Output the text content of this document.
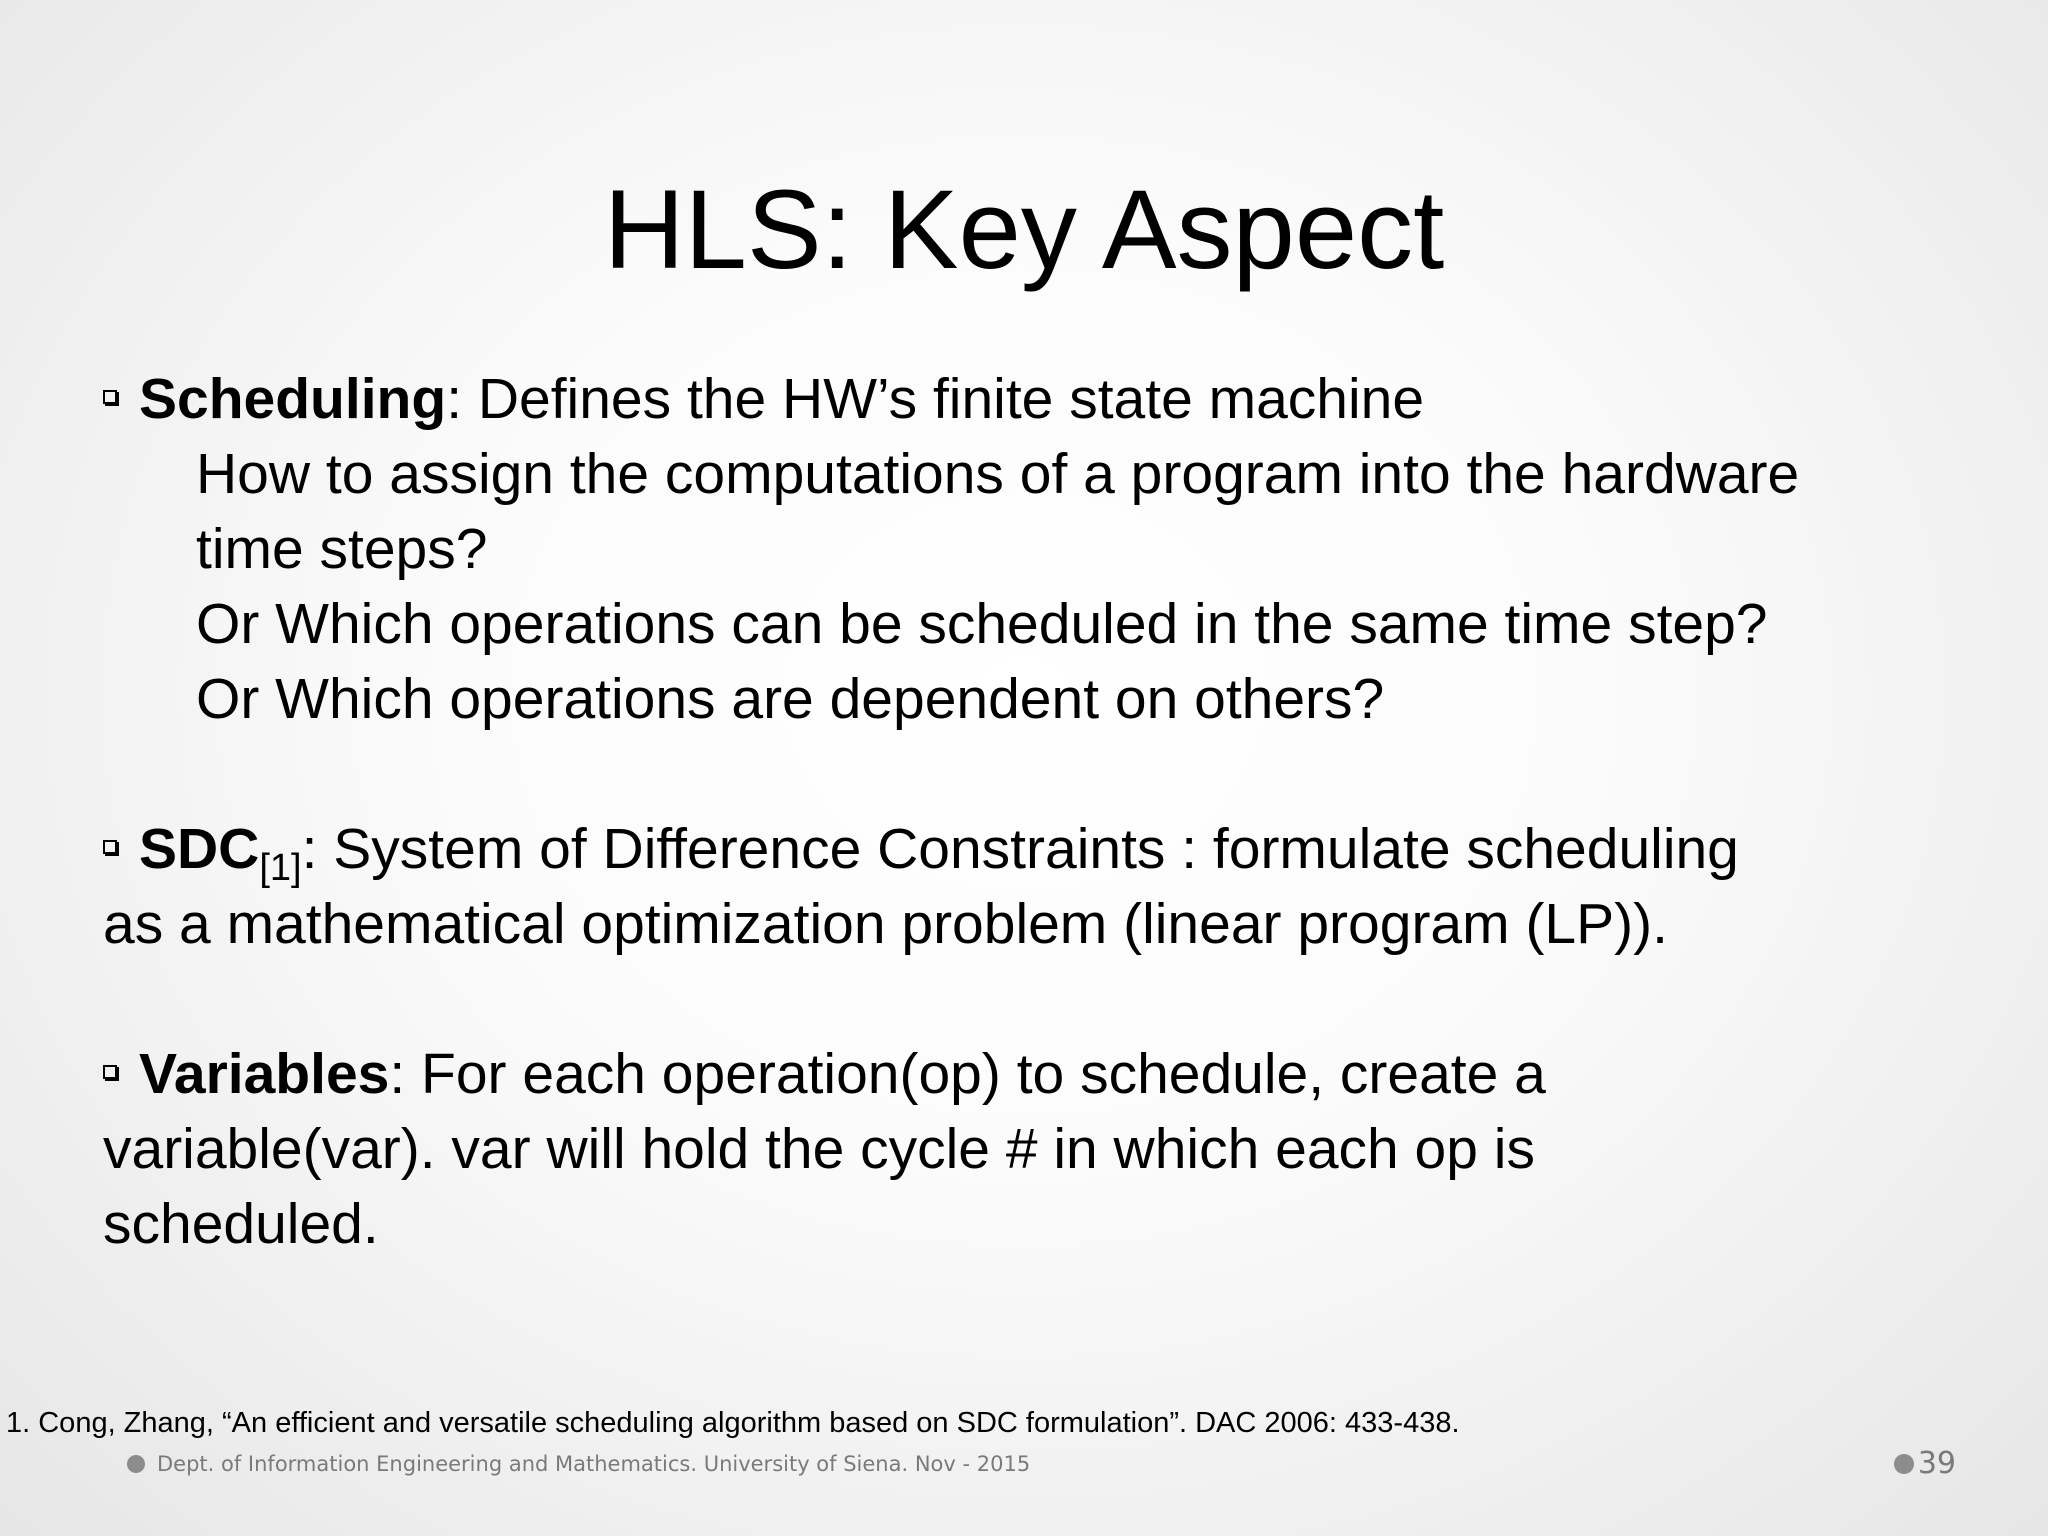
HLS: Key Aspect
Scheduling: Defines the HW’s finite state machine
How to assign the computations of a program into the hardware
time steps?
Or Which operations can be scheduled in the same time step?
Or Which operations are dependent on others?
$SDC_{[1]}$: System of Difference Constraints : formulate scheduling
as a mathematical optimization problem (linear program (LP)).
Variables: For each operation(op) to schedule, create a
variable(var). var will hold the cycle # in which each op is
scheduled.
1. Cong, Zhang, “An efficient and versatile scheduling algorithm based on SDC formulation”. DAC 2006: 433-438.
Dept. of Information Engineering and Mathematics. University of Siena. Nov - 2015	39
